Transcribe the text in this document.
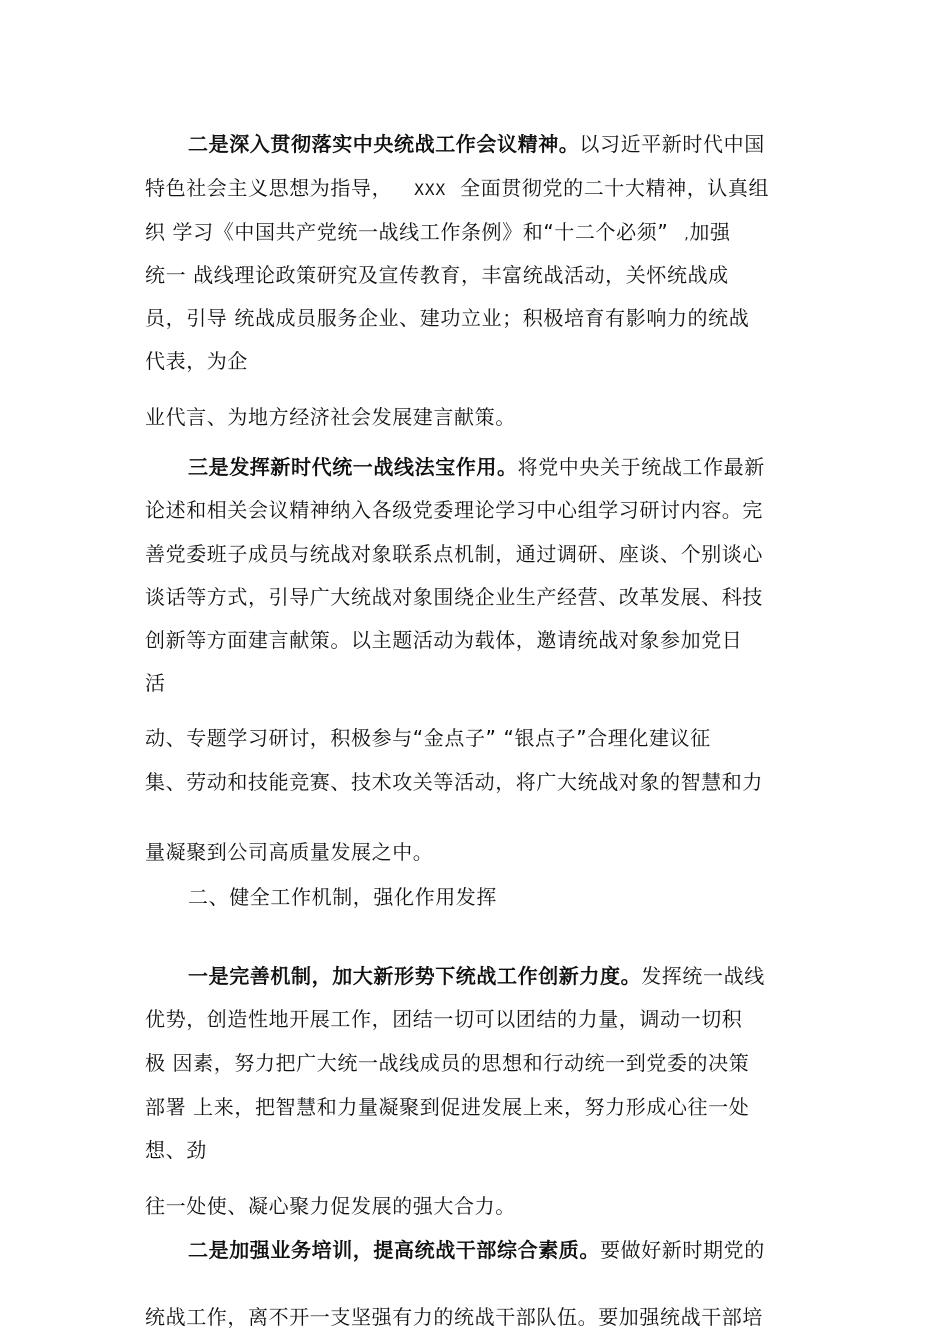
二是深入贯彻落实中央统战工作会议精神。以习近平新时代中国
特色社会主义思想为指导， XXX 全面贯彻党的二十大精神，认真组
织 学习《中国共产党统一战线工作条例》和“十二个必须” ,加强
统一 战线理论政策研究及宣传教育，丰富统战活动，关怀统战成
员，引导 统战成员服务企业、建功立业；积极培育有影响力的统战
代表，为企
业代言、为地方经济社会发展建言献策。
三是发挥新时代统一战线法宝作用。将党中央关于统战工作最新
论述和相关会议精神纳入各级党委理论学习中心组学习研讨内容。完
善党委班子成员与统战对象联系点机制，通过调研、座谈、个别谈心
谈话等方式，引导广大统战对象围绕企业生产经营、改革发展、科技
创新等方面建言献策。以主题活动为载体，邀请统战对象参加党日
活
动、专题学习研讨，积极参与“金点子” “银点子”合理化建议征
集、劳动和技能竞赛、技术攻关等活动，将广大统战对象的智慧和力
量凝聚到公司高质量发展之中。
二、健全工作机制，强化作用发挥
一是完善机制，加大新形势下统战工作创新力度。发挥统一战线
优势，创造性地开展工作，团结一切可以团结的力量，调动一切积
极 因素，努力把广大统一战线成员的思想和行动统一到党委的决策
部署 上来，把智慧和力量凝聚到促进发展上来，努力形成心往一处
想、劲
往一处使、凝心聚力促发展的强大合力。
二是加强业务培训，提高统战干部综合素质。要做好新时期党的
统战工作，离不开一支坚强有力的统战干部队伍。要加强统战干部培
